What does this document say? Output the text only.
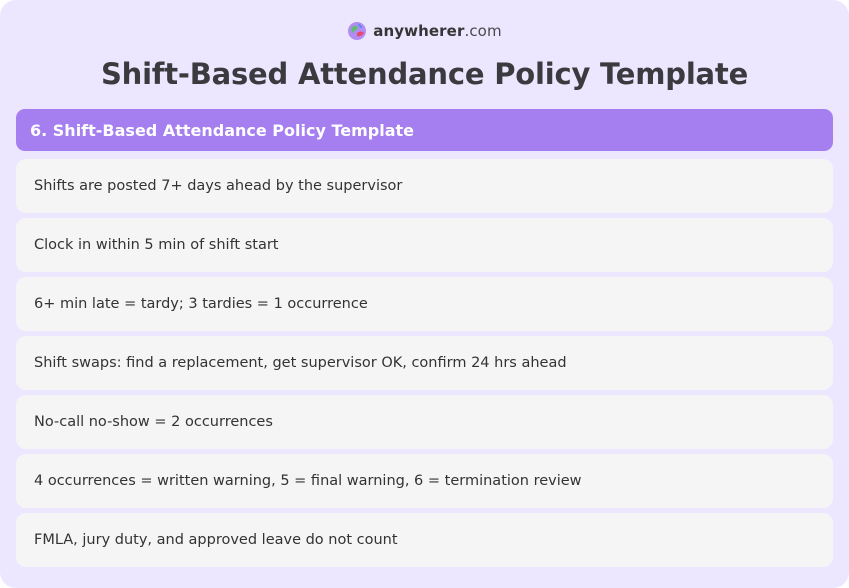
anywherer.com
Shift-Based Attendance Policy Template
6. Shift-Based Attendance Policy Template
Shifts are posted 7+ days ahead by the supervisor
Clock in within 5 min of shift start
6+ min late = tardy; 3 tardies = 1 occurrence
Shift swaps: find a replacement, get supervisor OK, confirm 24 hrs ahead
No-call no-show = 2 occurrences
4 occurrences = written warning, 5 = final warning, 6 = termination review
FMLA, jury duty, and approved leave do not count
